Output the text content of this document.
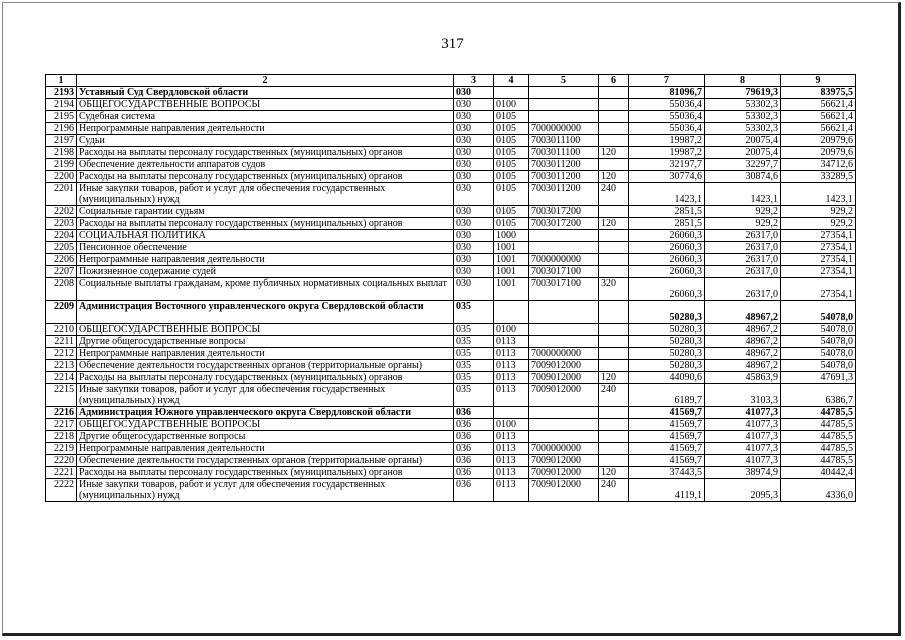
317
1	2	3	4	5	6	7	8	9
2193	Уставный Суд Свердловской области	030				81096,7	79619,3	83975,5
2194	ОБЩЕГОСУДАРСТВЕННЫЕ ВОПРОСЫ	030	0100			55036,4	53302,3	56621,4
2195	Судебная система	030	0105			55036,4	53302,3	56621,4
2196	Непрограммные направления деятельности	030	0105	7000000000		55036,4	53302,3	56621,4
2197	Судьи	030	0105	7003011100		19987,2	20075,4	20979,6
2198	Расходы на выплаты персоналу государственных (муниципальных) органов	030	0105	7003011100	120	19987,2	20075,4	20979,6
2199	Обеспечение деятельности аппаратов судов	030	0105	7003011200		32197,7	32297,7	34712,6
2200	Расходы на выплаты персоналу государственных (муниципальных) органов	030	0105	7003011200	120	30774,6	30874,6	33289,5
2201	Иные закупки товаров, работ и услуг для обеспечения государственных (муниципальных) нужд	030	0105	7003011200	240	1423,1	1423,1	1423,1
2202	Социальные гарантии судьям	030	0105	7003017200		2851,5	929,2	929,2
2203	Расходы на выплаты персоналу государственных (муниципальных) органов	030	0105	7003017200	120	2851,5	929,2	929,2
2204	СОЦИАЛЬНАЯ ПОЛИТИКА	030	1000			26060,3	26317,0	27354,1
2205	Пенсионное обеспечение	030	1001			26060,3	26317,0	27354,1
2206	Непрограммные направления деятельности	030	1001	7000000000		26060,3	26317,0	27354,1
2207	Пожизненное содержание судей	030	1001	7003017100		26060,3	26317,0	27354,1
2208	Социальные выплаты гражданам, кроме публичных нормативных социальных выплат	030	1001	7003017100	320	26060,3	26317,0	27354,1
2209	Администрация Восточного управленческого округа Свердловской области	035				50280,3	48967,2	54078,0
2210	ОБЩЕГОСУДАРСТВЕННЫЕ ВОПРОСЫ	035	0100			50280,3	48967,2	54078,0
2211	Другие общегосударственные вопросы	035	0113			50280,3	48967,2	54078,0
2212	Непрограммные направления деятельности	035	0113	7000000000		50280,3	48967,2	54078,0
2213	Обеспечение деятельности государственных органов (территориальные органы)	035	0113	7009012000		50280,3	48967,2	54078,0
2214	Расходы на выплаты персоналу государственных (муниципальных) органов	035	0113	7009012000	120	44090,6	45863,9	47691,3
2215	Иные закупки товаров, работ и услуг для обеспечения государственных (муниципальных) нужд	035	0113	7009012000	240	6189,7	3103,3	6386,7
2216	Администрация Южного управленческого округа Свердловской области	036				41569,7	41077,3	44785,5
2217	ОБЩЕГОСУДАРСТВЕННЫЕ ВОПРОСЫ	036	0100			41569,7	41077,3	44785,5
2218	Другие общегосударственные вопросы	036	0113			41569,7	41077,3	44785,5
2219	Непрограммные направления деятельности	036	0113	7000000000		41569,7	41077,3	44785,5
2220	Обеспечение деятельности государственных органов (территориальные органы)	036	0113	7009012000		41569,7	41077,3	44785,5
2221	Расходы на выплаты персоналу государственных (муниципальных) органов	036	0113	7009012000	120	37443,5	38974,9	40442,4
2222	Иные закупки товаров, работ и услуг для обеспечения государственных (муниципальных) нужд	036	0113	7009012000	240	4119,1	2095,3	4336,0
